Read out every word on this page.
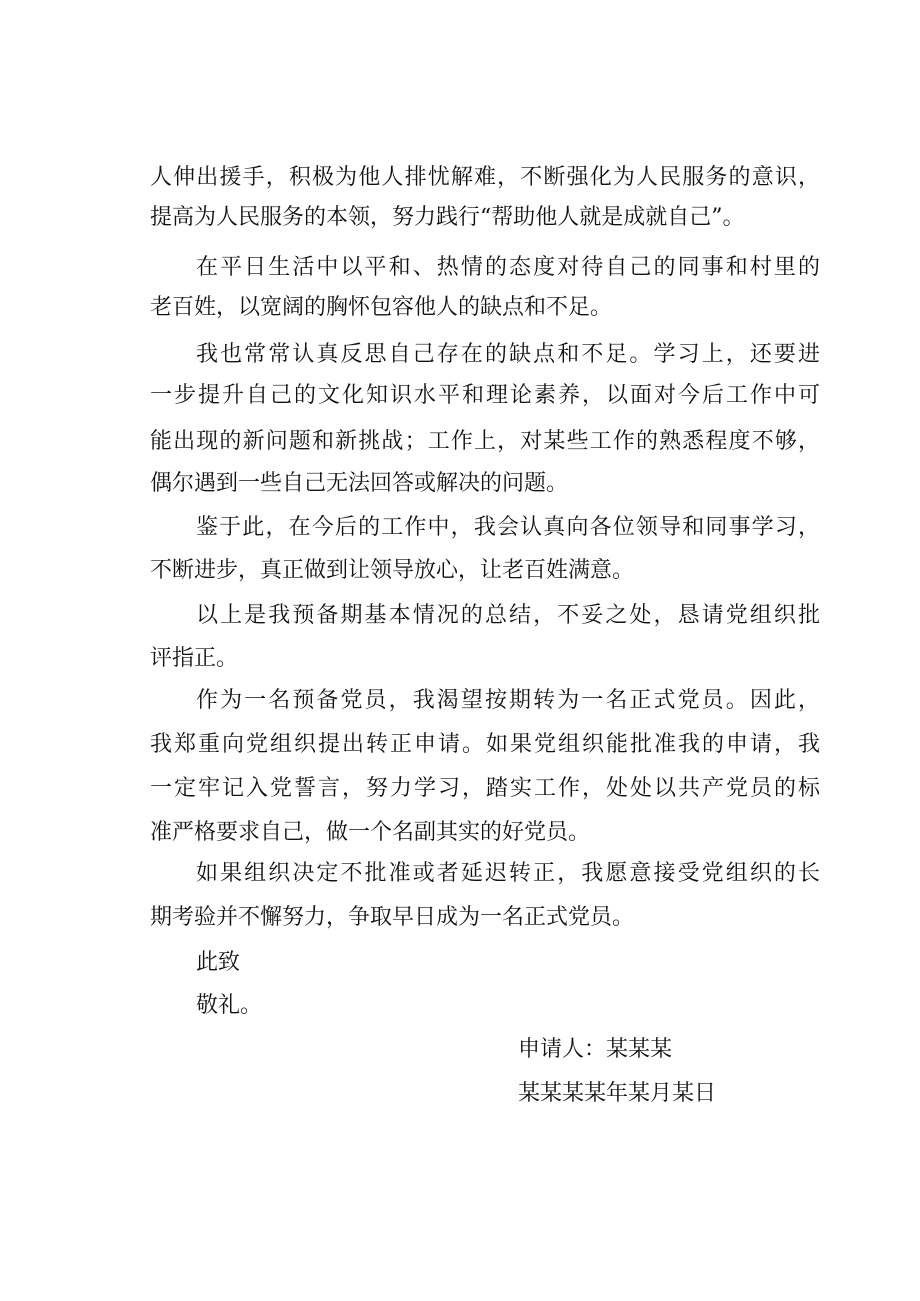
人伸出援手，积极为他人排忧解难，不断强化为人民服务的意识，
提高为人民服务的本领，努力践行“帮助他人就是成就自己”。
在平日生活中以平和、热情的态度对待自己的同事和村里的
老百姓，以宽阔的胸怀包容他人的缺点和不足。
我也常常认真反思自己存在的缺点和不足。学习上，还要进
一步提升自己的文化知识水平和理论素养，以面对今后工作中可
能出现的新问题和新挑战；工作上，对某些工作的熟悉程度不够，
偶尔遇到一些自己无法回答或解决的问题。
鉴于此，在今后的工作中，我会认真向各位领导和同事学习，
不断进步，真正做到让领导放心，让老百姓满意。
以上是我预备期基本情况的总结，不妥之处，恳请党组织批
评指正。
作为一名预备党员，我渴望按期转为一名正式党员。因此，
我郑重向党组织提出转正申请。如果党组织能批准我的申请，我
一定牢记入党誓言，努力学习，踏实工作，处处以共产党员的标
准严格要求自己，做一个名副其实的好党员。
如果组织决定不批准或者延迟转正，我愿意接受党组织的长
期考验并不懈努力，争取早日成为一名正式党员。
此致
敬礼。
申请人：某某某
某某某某年某月某日
